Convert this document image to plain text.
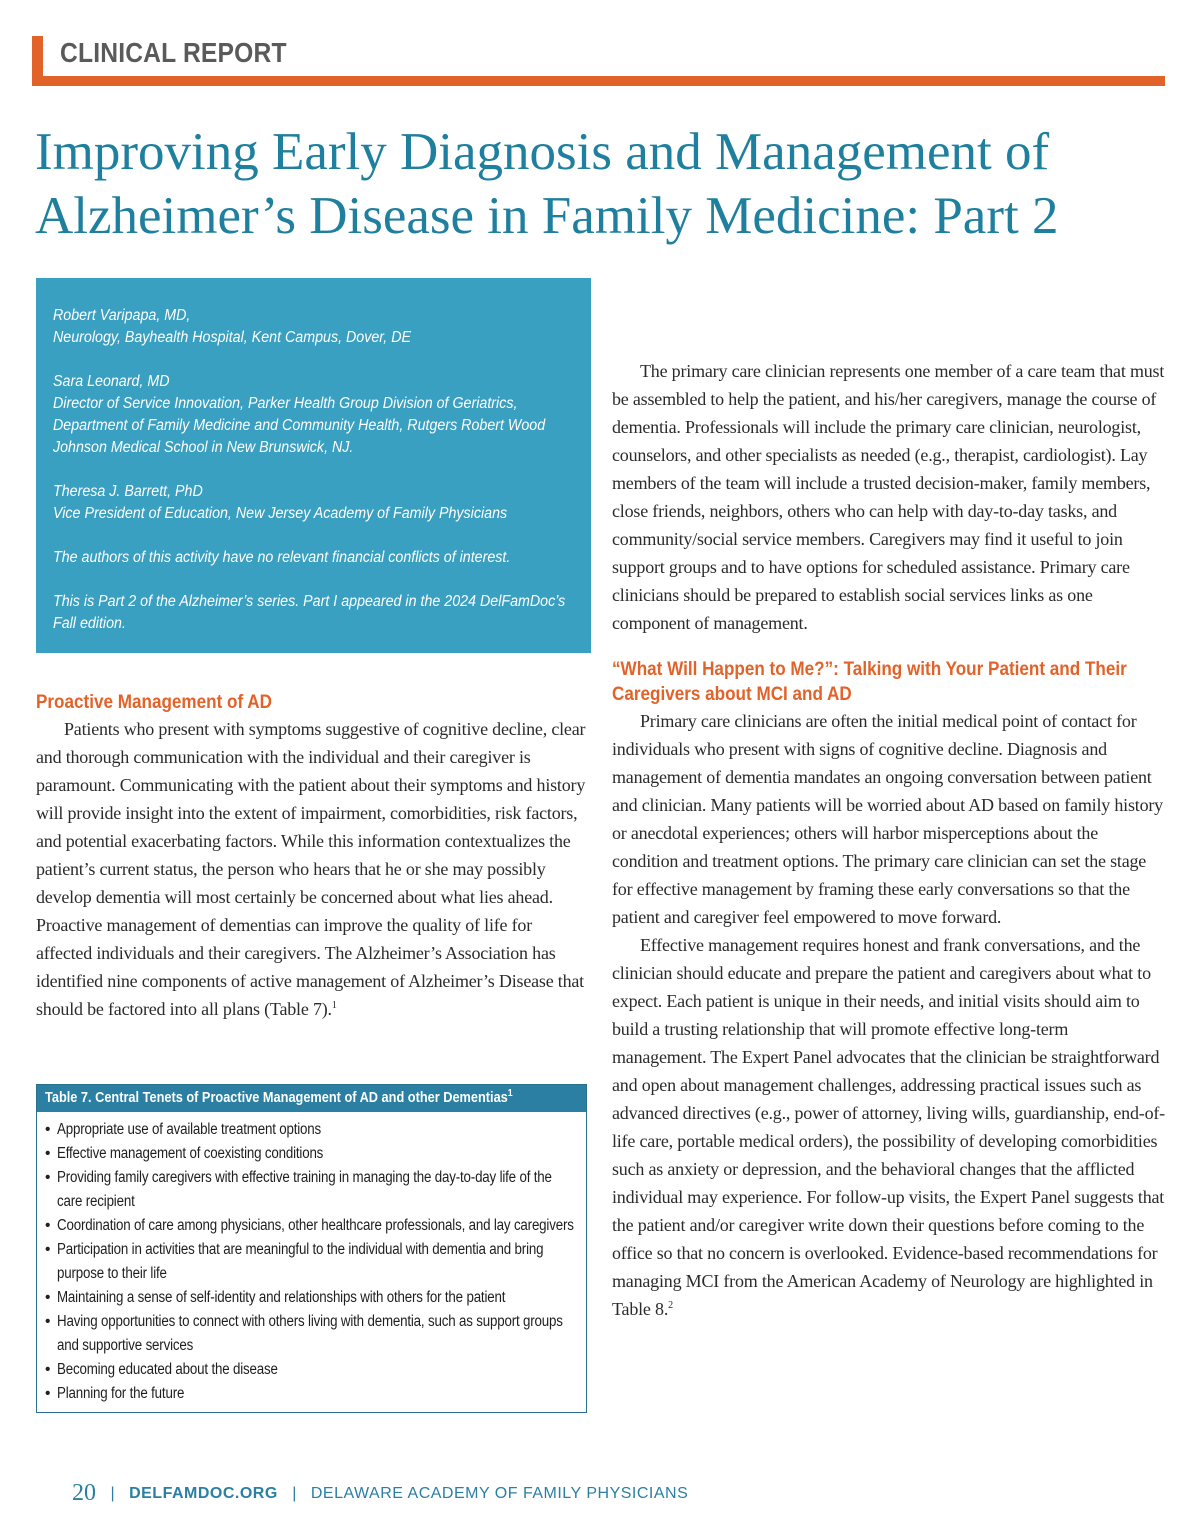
CLINICAL REPORT
Improving Early Diagnosis and Management of Alzheimer’s Disease in Family Medicine: Part 2

Robert Varipapa, MD,
Neurology, Bayhealth Hospital, Kent Campus, Dover, DE

Sara Leonard, MD
Director of Service Innovation, Parker Health Group Division of Geriatrics, Department of Family Medicine and Community Health, Rutgers Robert Wood Johnson Medical School in New Brunswick, NJ.

Theresa J. Barrett, PhD
Vice President of Education, New Jersey Academy of Family Physicians

The authors of this activity have no relevant financial conflicts of interest.

This is Part 2 of the Alzheimer’s series. Part I appeared in the 2024 DelFamDoc’s Fall edition.

Proactive Management of AD

Patients who present with symptoms suggestive of cognitive decline, clear and thorough communication with the individual and their caregiver is paramount. Communicating with the patient about their symptoms and history will provide insight into the extent of impairment, comorbidities, risk factors, and potential exacerbating factors. While this information contextualizes the patient’s current status, the person who hears that he or she may possibly develop dementia will most certainly be concerned about what lies ahead. Proactive management of dementias can improve the quality of life for affected individuals and their caregivers. The Alzheimer’s Association has identified nine components of active management of Alzheimer’s Disease that should be factored into all plans (Table 7).$^1$

Table 7. Central Tenets of Proactive Management of AD and other Dementias$^1$
• Appropriate use of available treatment options
• Effective management of coexisting conditions
• Providing family caregivers with effective training in managing the day-to-day life of the care recipient
• Coordination of care among physicians, other healthcare professionals, and lay caregivers
• Participation in activities that are meaningful to the individual with dementia and bring purpose to their life
• Maintaining a sense of self-identity and relationships with others for the patient
• Having opportunities to connect with others living with dementia, such as support groups and supportive services
• Becoming educated about the disease
• Planning for the future

The primary care clinician represents one member of a care team that must be assembled to help the patient, and his/her caregivers, manage the course of dementia. Professionals will include the primary care clinician, neurologist, counselors, and other specialists as needed (e.g., therapist, cardiologist). Lay members of the team will include a trusted decision-maker, family members, close friends, neighbors, others who can help with day-to-day tasks, and community/social service members. Caregivers may find it useful to join support groups and to have options for scheduled assistance. Primary care clinicians should be prepared to establish social services links as one component of management.

“What Will Happen to Me?”: Talking with Your Patient and Their Caregivers about MCI and AD

Primary care clinicians are often the initial medical point of contact for individuals who present with signs of cognitive decline. Diagnosis and management of dementia mandates an ongoing conversation between patient and clinician. Many patients will be worried about AD based on family history or anecdotal experiences; others will harbor misperceptions about the condition and treatment options. The primary care clinician can set the stage for effective management by framing these early conversations so that the patient and caregiver feel empowered to move forward.

Effective management requires honest and frank conversations, and the clinician should educate and prepare the patient and caregivers about what to expect. Each patient is unique in their needs, and initial visits should aim to build a trusting relationship that will promote effective long-term management. The Expert Panel advocates that the clinician be straightforward and open about management challenges, addressing practical issues such as advanced directives (e.g., power of attorney, living wills, guardianship, end-of-life care, portable medical orders), the possibility of developing comorbidities such as anxiety or depression, and the behavioral changes that the afflicted individual may experience. For follow-up visits, the Expert Panel suggests that the patient and/or caregiver write down their questions before coming to the office so that no concern is overlooked. Evidence-based recommendations for managing MCI from the American Academy of Neurology are highlighted in Table 8.$^2$

20 | DELFAMDOC.ORG | DELAWARE ACADEMY OF FAMILY PHYSICIANS
